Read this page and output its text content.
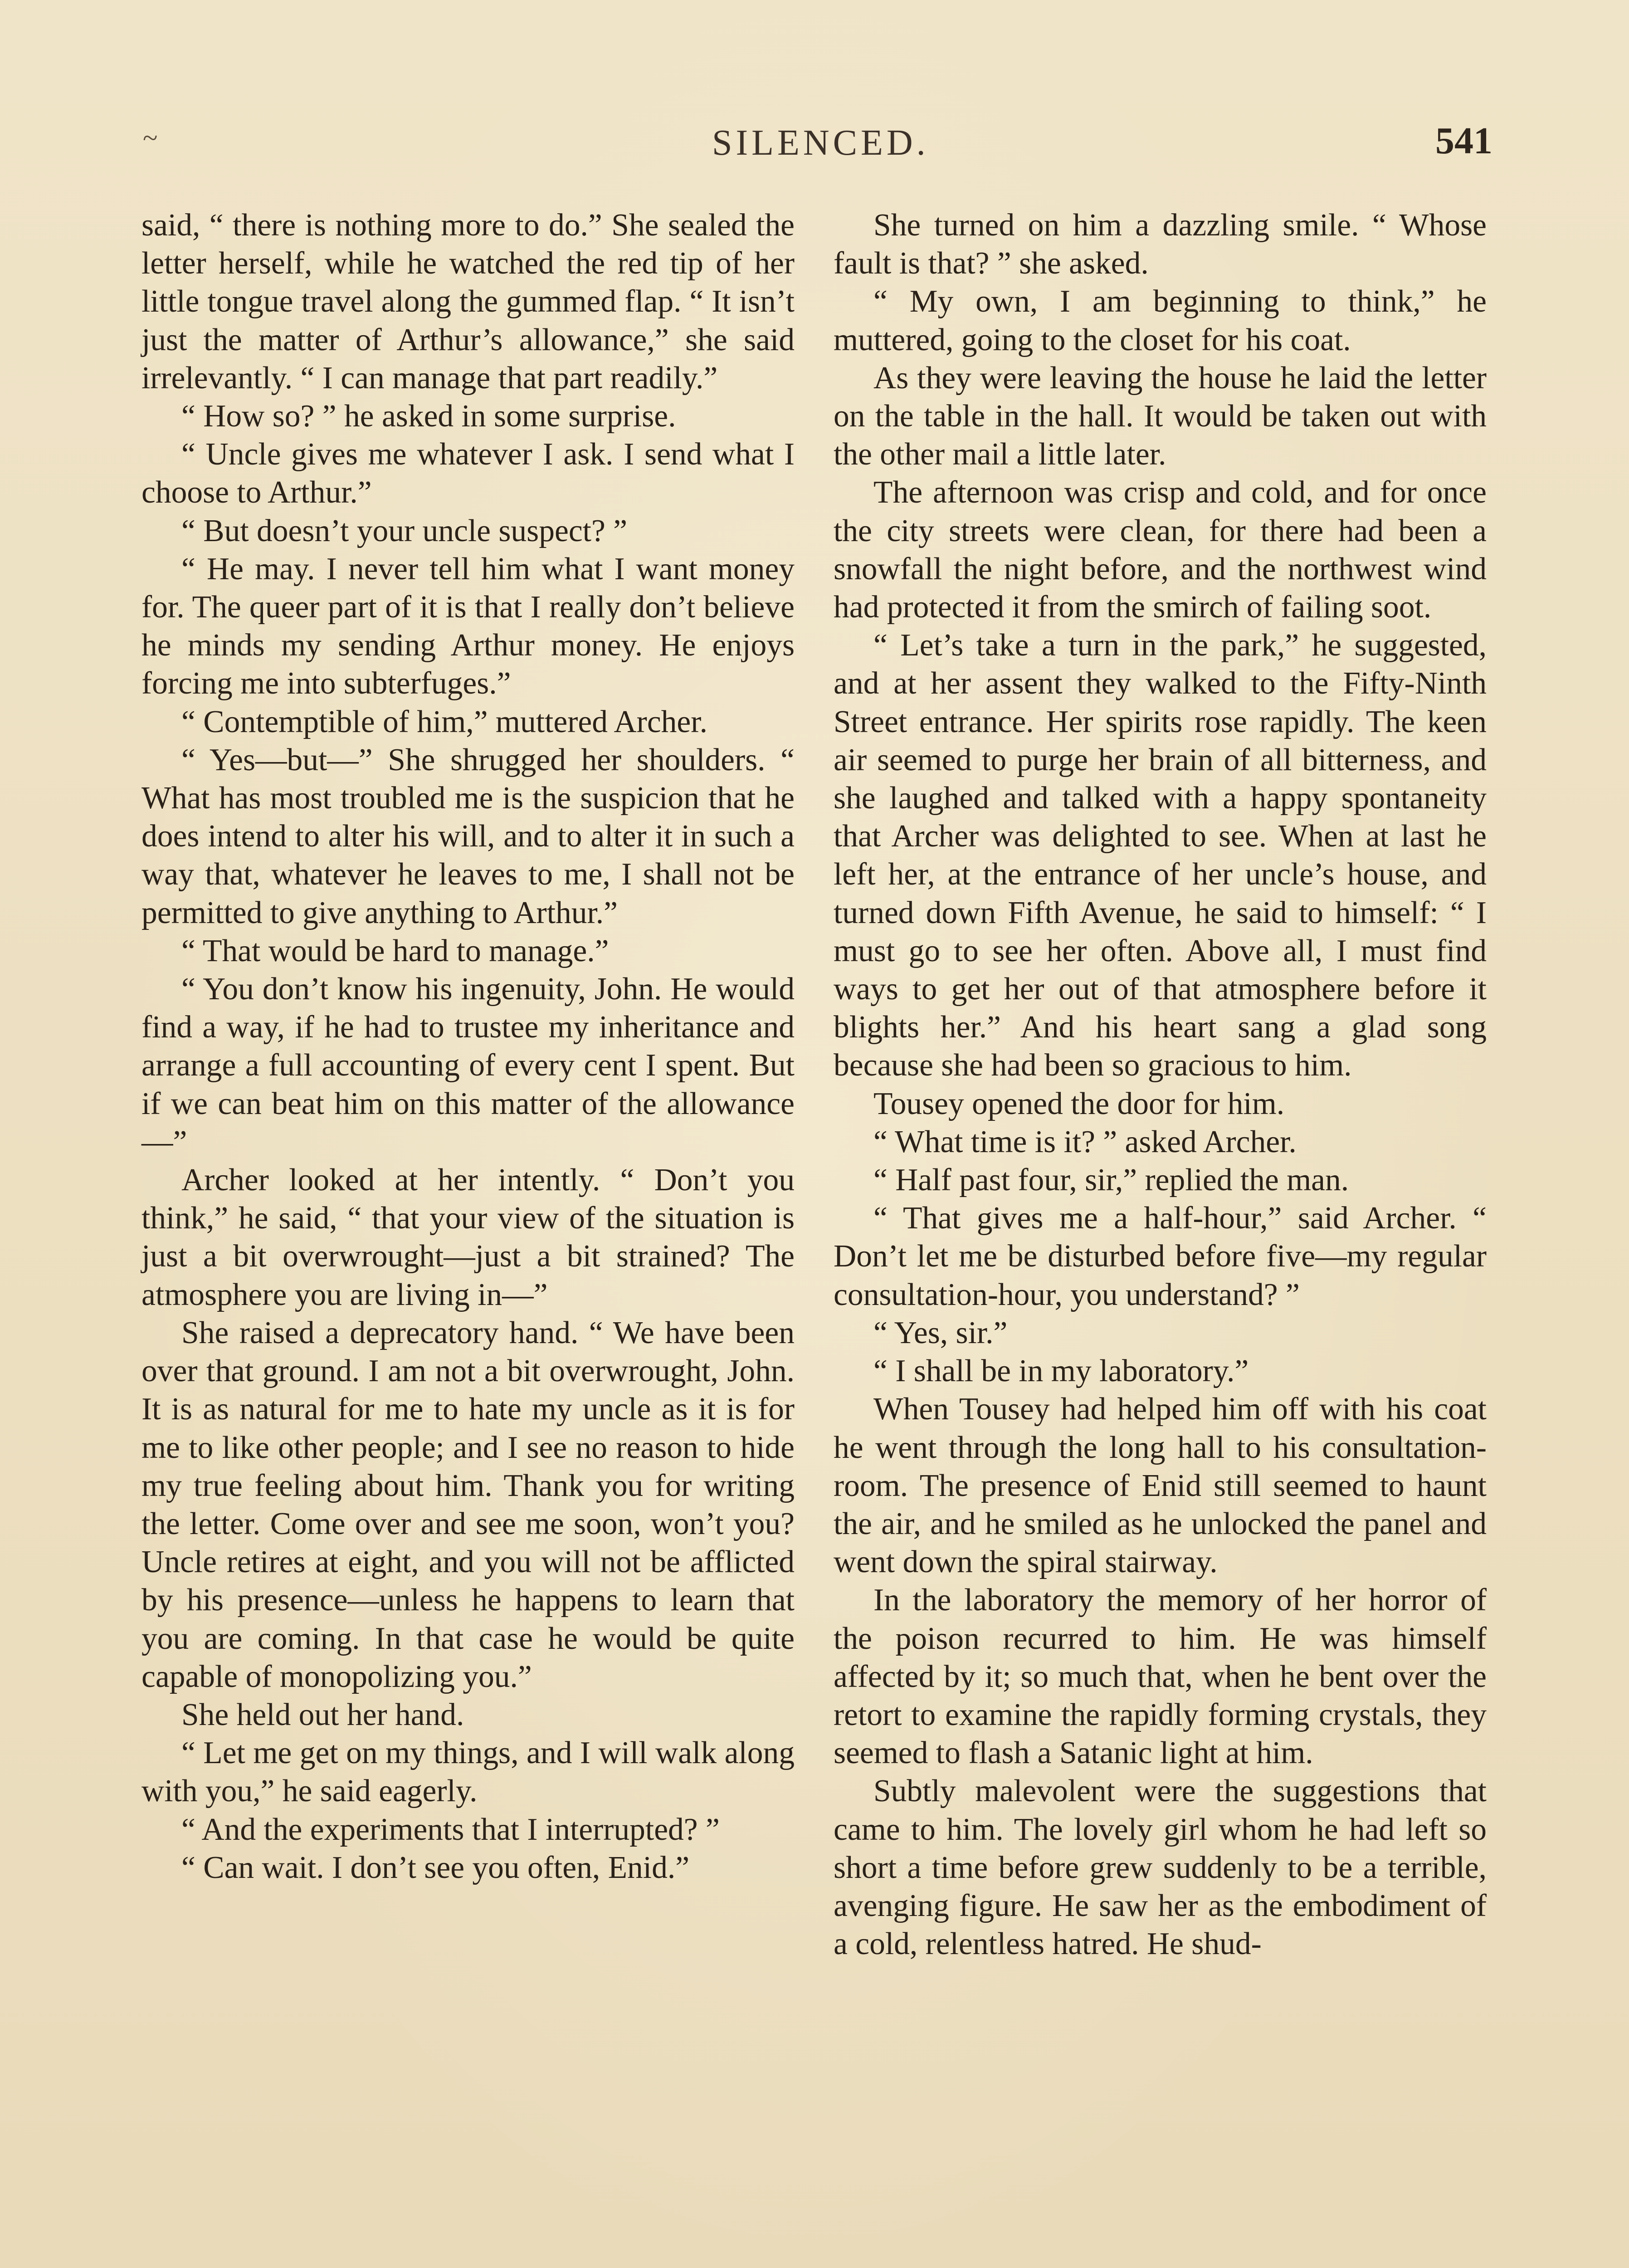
~	SILENCED.	541

said, “ there is nothing more to do.” She sealed the letter herself, while he watched the red tip of her little tongue travel along the gummed flap. “ It isn’t just the matter of Arthur’s allowance,” she said irrelevantly. “ I can manage that part readily.”

“ How so? ” he asked in some surprise.

“ Uncle gives me whatever I ask. I send what I choose to Arthur.”

“ But doesn’t your uncle suspect? ”

“ He may. I never tell him what I want money for. The queer part of it is that I really don’t believe he minds my sending Arthur money. He enjoys forcing me into subterfuges.”

“ Contemptible of him,” muttered Archer.

“ Yes—but—” She shrugged her shoulders. “ What has most troubled me is the suspicion that he does intend to alter his will, and to alter it in such a way that, whatever he leaves to me, I shall not be permitted to give anything to Arthur.”

“ That would be hard to manage.”

“ You don’t know his ingenuity, John. He would find a way, if he had to trustee my inheritance and arrange a full accounting of every cent I spent. But if we can beat him on this matter of the allowance—”

Archer looked at her intently. “ Don’t you think,” he said, “ that your view of the situation is just a bit overwrought—just a bit strained? The atmosphere you are living in—”

She raised a deprecatory hand. “ We have been over that ground. I am not a bit overwrought, John. It is as natural for me to hate my uncle as it is for me to like other people; and I see no reason to hide my true feeling about him. Thank you for writing the letter. Come over and see me soon, won’t you? Uncle retires at eight, and you will not be afflicted by his presence—unless he happens to learn that you are coming. In that case he would be quite capable of monopolizing you.”

She held out her hand.

“ Let me get on my things, and I will walk along with you,” he said eagerly.

“ And the experiments that I interrupted? ”

“ Can wait. I don’t see you often, Enid.”

She turned on him a dazzling smile. “ Whose fault is that? ” she asked.

“ My own, I am beginning to think,” he muttered, going to the closet for his coat.

As they were leaving the house he laid the letter on the table in the hall. It would be taken out with the other mail a little later.

The afternoon was crisp and cold, and for once the city streets were clean, for there had been a snowfall the night before, and the northwest wind had protected it from the smirch of failing soot.

“ Let’s take a turn in the park,” he suggested, and at her assent they walked to the Fifty-Ninth Street entrance. Her spirits rose rapidly. The keen air seemed to purge her brain of all bitterness, and she laughed and talked with a happy spontaneity that Archer was delighted to see. When at last he left her, at the entrance of her uncle’s house, and turned down Fifth Avenue, he said to himself: “ I must go to see her often. Above all, I must find ways to get her out of that atmosphere before it blights her.” And his heart sang a glad song because she had been so gracious to him.

Tousey opened the door for him.

“ What time is it? ” asked Archer.

“ Half past four, sir,” replied the man.

“ That gives me a half-hour,” said Archer. “ Don’t let me be disturbed before five—my regular consultation-hour, you understand? ”

“ Yes, sir.”

“ I shall be in my laboratory.”

When Tousey had helped him off with his coat he went through the long hall to his consultation-room. The presence of Enid still seemed to haunt the air, and he smiled as he unlocked the panel and went down the spiral stairway.

In the laboratory the memory of her horror of the poison recurred to him. He was himself affected by it; so much that, when he bent over the retort to examine the rapidly forming crystals, they seemed to flash a Satanic light at him.

Subtly malevolent were the suggestions that came to him. The lovely girl whom he had left so short a time before grew suddenly to be a terrible, avenging figure. He saw her as the embodiment of a cold, relentless hatred. He shud-
